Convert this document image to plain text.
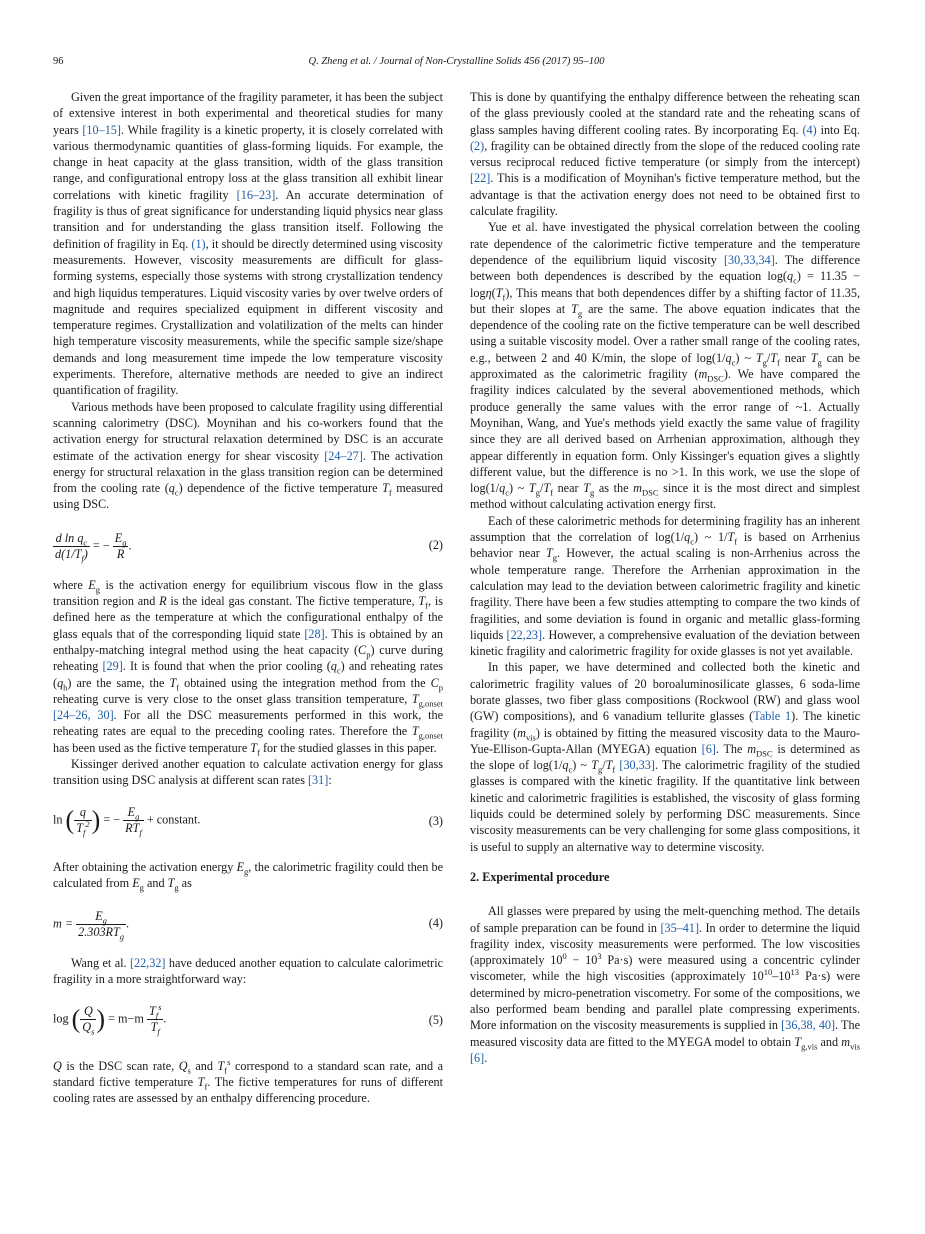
96	Q. Zheng et al. / Journal of Non-Crystalline Solids 456 (2017) 95–100

Given the great importance of the fragility parameter, it has been the subject of extensive interest in both experimental and theoretical studies for many years [10–15]. While fragility is a kinetic property, it is closely correlated with various thermodynamic quantities of glass-forming liquids. For example, the change in heat capacity at the glass transition, width of the glass transition range, and configurational entropy loss at the glass transition all exhibit linear correlations with kinetic fragility [16–23]. An accurate determination of fragility is thus of great significance for understanding liquid physics near glass transition and for understanding the glass transition itself. Following the definition of fragility in Eq. (1), it should be directly determined using viscosity measurements. However, viscosity measurements are difficult for glass-forming systems, especially those systems with strong crystallization tendency and high liquidus temperatures. Liquid viscosity varies by over twelve orders of magnitude and requires specialized equipment in different viscosity and temperature regimes. Crystallization and volatilization of the melts can hinder high temperature viscosity measurements, while the specific sample size/shape demands and long measurement time impede the low temperature viscosity experiments. Therefore, alternative methods are needed to give an indirect quantification of fragility.

Various methods have been proposed to calculate fragility using differential scanning calorimetry (DSC). Moynihan and his co-workers found that the activation energy for structural relaxation determined by DSC is an accurate estimate of the activation energy for shear viscosity [24–27]. The activation energy for structural relaxation in the glass transition region can be determined from the cooling rate $(q_c)$ dependence of the fictive temperature $T_f$ measured using DSC.

$\frac{d \ln q_c}{d(1/T_f)}$ = − $\frac{E_g}{R}$ .	(2)

where $E_g$ is the activation energy for equilibrium viscous flow in the glass transition region and R is the ideal gas constant. The fictive temperature, $T_f$, is defined here as the temperature at which the configurational enthalpy of the glass equals that of the corresponding liquid state [28]. This is obtained by an enthalpy-matching integral method using the heat capacity $(C_p)$ curve during reheating [29]. It is found that when the prior cooling $(q_c)$ and reheating rates $(q_h)$ are the same, the $T_f$ obtained using the integration method from the $C_p$ reheating curve is very close to the onset glass transition temperature, $T_{g,onset}$ [24–26, 30]. For all the DSC measurements performed in this work, the reheating rates are equal to the preceding cooling rates. Therefore the $T_{g,onset}$ has been used as the fictive temperature $T_f$ for the studied glasses in this paper.

Kissinger derived another equation to calculate activation energy for glass transition using DSC analysis at different scan rates [31]:

ln ( $\frac{q}{T_f^2}$ ) = − $\frac{E_g}{RT_f}$ + constant.	(3)

After obtaining the activation energy $E_g$, the calorimetric fragility could then be calculated from $E_g$ and $T_g$ as

$m = \frac{E_g}{2.303RT_g}$ .	(4)

Wang et al. [22,32] have deduced another equation to calculate calorimetric fragility in a more straightforward way:

log ( $\frac{Q}{Q_s}$ ) = $m-m \frac{T_f^s}{T_f}$ .	(5)

Q is the DSC scan rate, $Q_s$ and $T_f^s$ correspond to a standard scan rate, and a standard fictive temperature $T_f$. The fictive temperatures for runs of different cooling rates are assessed by an enthalpy differencing procedure.

This is done by quantifying the enthalpy difference between the reheating scan of the glass previously cooled at the standard rate and the reheating scans of glass samples having different cooling rates. By incorporating Eq. (4) into Eq. (2), fragility can be obtained directly from the slope of the reduced cooling rate versus reciprocal reduced fictive temperature (or simply from the intercept) [22]. This is a modification of Moynihan's fictive temperature method, but the advantage is that the activation energy does not need to be obtained first to calculate fragility.

Yue et al. have investigated the physical correlation between the cooling rate dependence of the calorimetric fictive temperature and the temperature dependence of the equilibrium liquid viscosity [30,33,34]. The difference between both dependences is described by the equation $\log(q_c) = 11.35 - \log\eta(T_f)$, This means that both dependences differ by a shifting factor of 11.35, but their slopes at $T_g$ are the same. The above equation indicates that the dependence of the cooling rate on the fictive temperature can be well described using a suitable viscosity model. Over a rather small range of the cooling rates, e.g., between 2 and 40 K/min, the slope of $\log(1/q_c)$ ~ $T_g/T_f$ near $T_g$ can be approximated as the calorimetric fragility $(m_{DSC})$. We have compared the fragility indices calculated by the several abovementioned methods, which produce generally the same values with the error range of ~1. Actually Moynihan, Wang, and Yue's methods yield exactly the same value of fragility since they are all derived based on Arrhenian approximation, although they appear differently in equation form. Only Kissinger's equation gives a slightly different value, but the difference is no >1. In this work, we use the slope of $\log(1/q_c)$ ~ $T_g/T_f$ near $T_g$ as the $m_{DSC}$ since it is the most direct and simplest method without calculating activation energy first.

Each of these calorimetric methods for determining fragility has an inherent assumption that the correlation of $\log(1/q_c)$ ~ $1/T_f$ is based on Arrhenius behavior near $T_g$. However, the actual scaling is non-Arrhenius across the whole temperature range. Therefore the Arrhenian approximation in the calculation may lead to the deviation between calorimetric fragility and kinetic fragility. There have been a few studies attempting to compare the two kinds of fragilities, and some deviation is found in organic and metallic glass-forming liquids [22,23]. However, a comprehensive evaluation of the deviation between kinetic fragility and calorimetric fragility for oxide glasses is not yet available.

In this paper, we have determined and collected both the kinetic and calorimetric fragility values of 20 boroaluminosilicate glasses, 6 soda-lime borate glasses, two fiber glass compositions (Rockwool (RW) and glass wool (GW) compositions), and 6 vanadium tellurite glasses (Table 1). The kinetic fragility $(m_{vis})$ is obtained by fitting the measured viscosity data to the Mauro-Yue-Ellison-Gupta-Allan (MYEGA) equation [6]. The $m_{DSC}$ is determined as the slope of $\log(1/q_c)$ ~ $T_g/T_f$ [30,33]. The calorimetric fragility of the studied glasses is compared with the kinetic fragility. If the quantitative link between kinetic and calorimetric fragilities is established, the viscosity of glass forming liquids could be determined solely by performing DSC measurements. Since viscosity measurements can be very challenging for some glass compositions, it is useful to supply an alternative way to determine viscosity.

2. Experimental procedure

All glasses were prepared by using the melt-quenching method. The details of sample preparation can be found in [35–41]. In order to determine the liquid fragility index, viscosity measurements were performed. The low viscosities (approximately $10^0 - 10^3$ Pa·s) were measured using a concentric cylinder viscometer, while the high viscosities (approximately $10^{10}-10^{13}$ Pa·s) were determined by micro-penetration viscometry. For some of the compositions, we also performed beam bending and parallel plate compressing experiments. More information on the viscosity measurements is supplied in [36,38, 40]. The measured viscosity data are fitted to the MYEGA model to obtain $T_{g,vis}$ and $m_{vis}$ [6].
